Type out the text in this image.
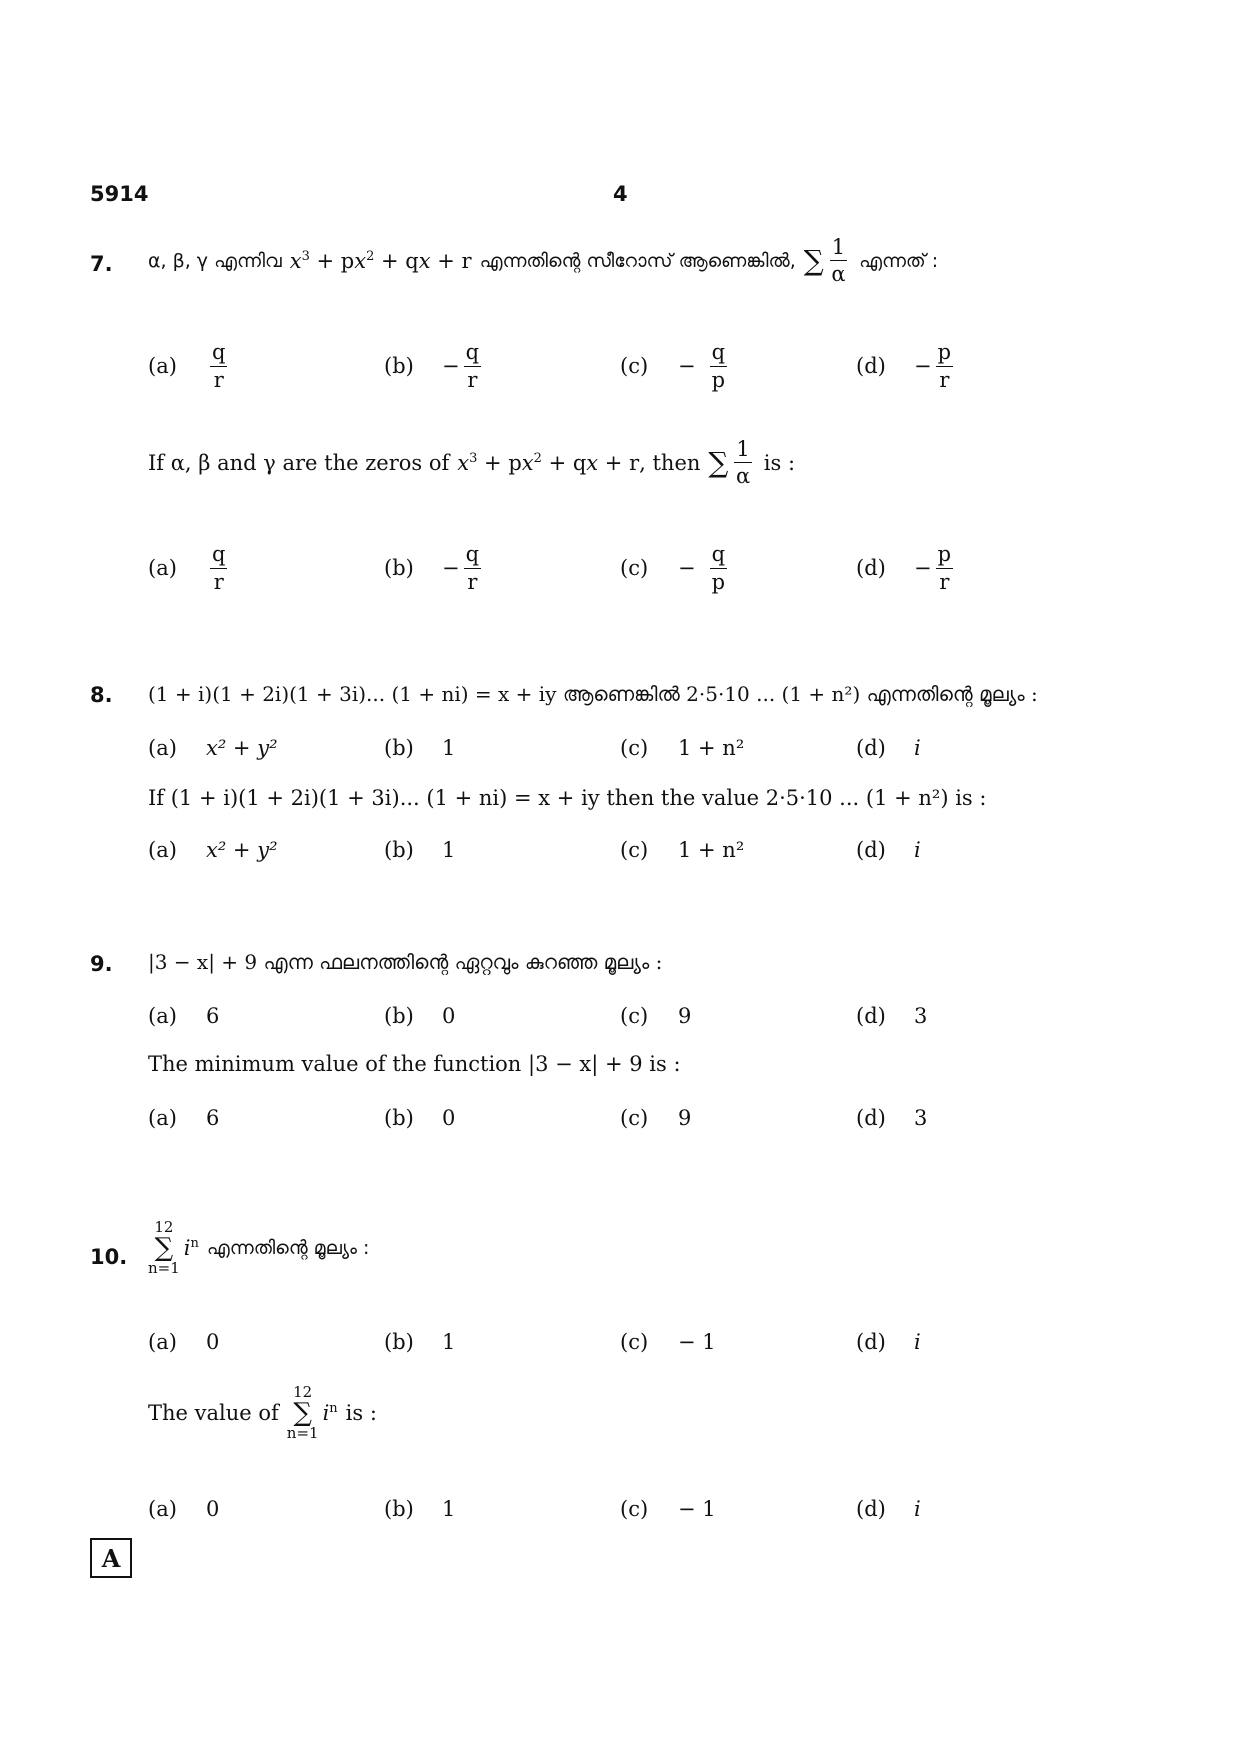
5914	4
7. α, β, γ എന്നിവ $x^3 + px^2$ + qx + r എന്നതിന്റെ സീറോസ് ആണെങ്കിൽ, ∑ $\frac{1}{\alpha}$ എന്നത് :
(a)	$\frac{q}{r}$	(b)	− $\frac{q}{r}$	(c)	− $\frac{q}{p}$	(d)	− $\frac{p}{r}$
If α, β and γ are the zeros of $x^3 + px^2$ + qx + r , then ∑ $\frac{1}{\alpha}$ is :
(a)	$\frac{q}{r}$	(b)	− $\frac{q}{r}$	(c)	− $\frac{q}{p}$	(d)	− $\frac{p}{r}$
8. (1 + i)(1 + 2i)(1 + 3i)... (1 + ni) = x + iy ആണെങ്കിൽ 2·5·10 ... (1 + n²) എന്നതിന്റെ മൂല്യം :
(a)	x² + y²	(b)	1	(c)	1 + n²	(d)	i
If (1 + i)(1 + 2i)(1 + 3i)... (1 + ni) = x + iy then the value 2·5·10 ... (1 + n²) is :
(a)	x² + y²	(b)	1	(c)	1 + n²	(d)	i
9. |3 − x| + 9 എന്ന ഫലനത്തിന്റെ ഏറ്റവും കുറഞ്ഞ മൂല്യം :
(a)	6	(b)	0	(c)	9	(d)	3
The minimum value of the function |3 − x| + 9 is :
(a)	6	(b)	0	(c)	9	(d)	3
10.
12
∑
n=1
$i^n$ എന്നതിന്റെ മൂല്യം :
(a)	0	(b)	1	(c)	− 1	(d)	i
The value of
12
∑
n=1
$i^n$ is :
(a)	0	(b)	1	(c)	− 1	(d)	i
A
